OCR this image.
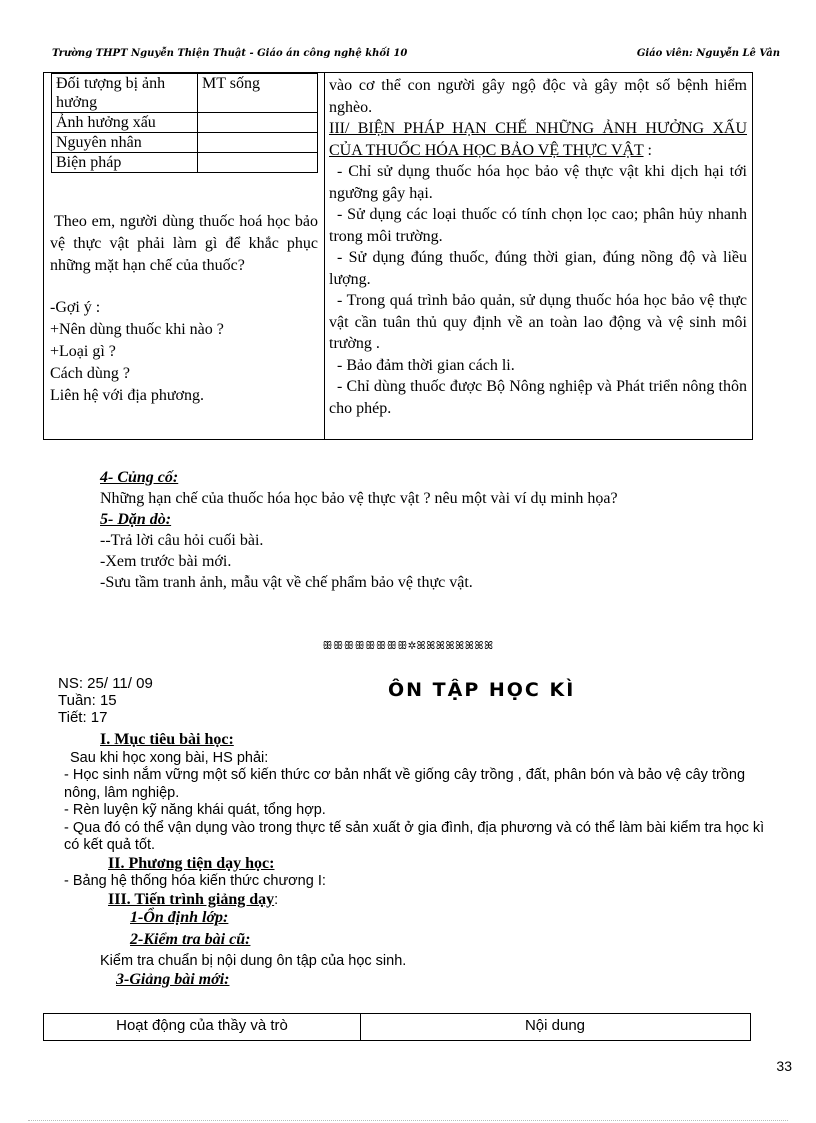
Trường THPT Nguyễn Thiện Thuật - Giáo án công nghệ khối 10	Giáo viên: Nguyễn Lê Vân
Đối tượng bị ảnh hưởng	MT sống
Ảnh hưởng xấu	
Nguyên nhân	
Biện pháp	

Theo em, người dùng thuốc hoá học bảo vệ thực vật phải làm gì để khắc phục những mặt hạn chế của thuốc?

-Gợi ý :

+Nên dùng thuốc khi nào ?

+Loại gì ?

Cách dùng ?

Liên hệ với địa phương.

vào cơ thể con người gây ngộ độc và gây một số bệnh hiểm nghèo.

III/ BIỆN PHÁP HẠN CHẾ NHỮNG ẢNH HƯỞNG XẤU CỦA THUỐC HÓA HỌC BẢO VỆ THỰC VẬT :

- Chỉ sử dụng thuốc hóa học bảo vệ thực vật khi dịch hại tới ngưỡng gây hại.

- Sử dụng các loại thuốc có tính chọn lọc cao; phân hủy nhanh trong môi trường.

- Sử dụng đúng thuốc, đúng thời gian, đúng nồng độ và liều lượng.

- Trong quá trình bảo quản, sử dụng thuốc hóa học bảo vệ thực vật cần tuân thủ quy định về an toàn lao động và vệ sinh môi trường .

- Bảo đảm thời gian cách li.

- Chỉ dùng thuốc được Bộ Nông nghiệp và Phát triển nông thôn cho phép.

4- Củng cố:

Những hạn chế của thuốc hóa học bảo vệ thực vật ? nêu một vài ví dụ minh họa?

5- Dặn dò:

--Trả lời câu hỏi cuối bài.

-Xem trước bài mới.

-Sưu tầm tranh ảnh, mẫu vật về chế phẩm bảo vệ thực vật.

ꕥꕥꕥꕥꕥꕥꕥꕥ✲ꕤꕤꕤꕤꕤꕤꕤꕤ

NS: 25/ 11/ 09

Tuần: 15

Tiết: 17

ÔN TẬP HỌC KÌ

I. Mục tiêu bài học:

Sau khi học xong bài, HS phải:

- Học sinh nắm vững một số kiến thức cơ bản nhất về giống cây trồng , đất, phân bón và bảo vệ cây trồng nông, lâm nghiệp.

- Rèn luyện kỹ năng khái quát, tổng hợp.

- Qua đó có thể vận dụng vào trong thực tế sản xuất ở gia đình, địa phương và có thể làm bài kiểm tra học kì có kết quả tốt.

II. Phương tiện dạy học:

- Bảng hệ thống hóa kiến thức chương I:

III. Tiến trình giảng dạy:

1-Ổn định lớp:

2-Kiểm tra bài cũ:

Kiểm tra chuẩn bị nội dung ôn tập của học sinh.

3-Giảng bài mới:

Hoạt động của thầy và trò	Nội dung
33
